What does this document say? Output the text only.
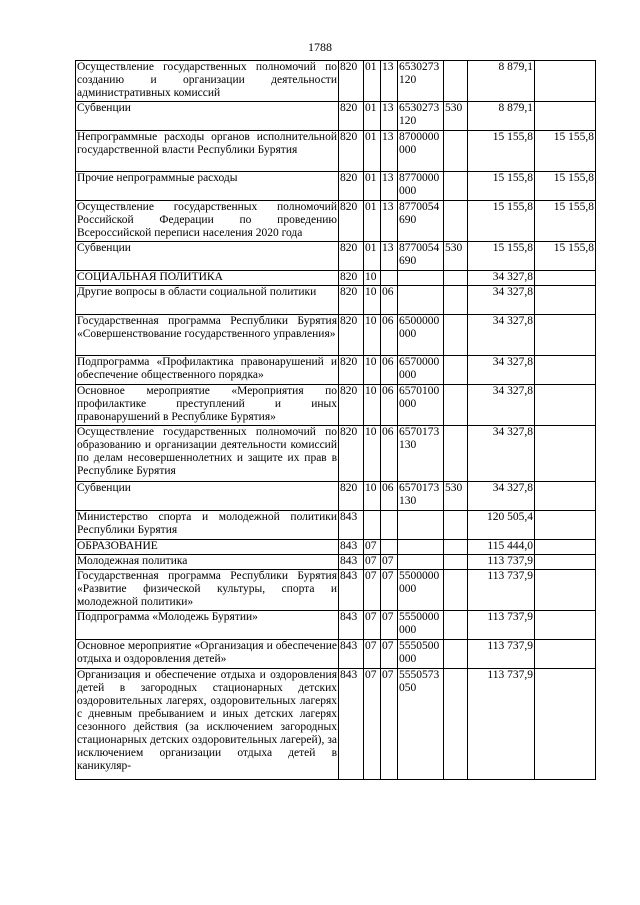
1788
Осуществление государственных полномочий по созданию и организации деятельности административных комиссий	820	01	13	6530273120		8 879,1	
Субвенции	820	01	13	6530273120	530	8 879,1	
Непрограммные расходы органов исполнительной государственной власти Республики Бурятия	820	01	13	8700000000		15 155,8	15 155,8
Прочие непрограммные расходы	820	01	13	8770000000		15 155,8	15 155,8
Осуществление государственных полномочий Российской Федерации по проведению Всероссийской переписи населения 2020 года	820	01	13	8770054690		15 155,8	15 155,8
Субвенции	820	01	13	8770054690	530	15 155,8	15 155,8
СОЦИАЛЬНАЯ ПОЛИТИКА	820	10				34 327,8	
Другие вопросы в области социальной политики	820	10	06			34 327,8	
Государственная программа Республики Бурятия «Совершенствование государственного управления»	820	10	06	6500000000		34 327,8	
Подпрограмма «Профилактика правонарушений и обеспечение общественного порядка»	820	10	06	6570000000		34 327,8	
Основное мероприятие «Мероприятия по профилактике преступлений и иных правонарушений в Республике Бурятия»	820	10	06	6570100000		34 327,8	
Осуществление государственных полномочий по образованию и организации деятельности комиссий по делам несовершеннолетних и защите их прав в Республике Бурятия	820	10	06	6570173130		34 327,8	
Субвенции	820	10	06	6570173130	530	34 327,8	
Министерство спорта и молодежной политики Республики Бурятия	843					120 505,4	
ОБРАЗОВАНИЕ	843	07				115 444,0	
Молодежная политика	843	07	07			113 737,9	
Государственная программа Республики Бурятия «Развитие физической культуры, спорта и молодежной политики»	843	07	07	5500000000		113 737,9	
Подпрограмма «Молодежь Бурятии»	843	07	07	5550000000		113 737,9	
Основное мероприятие «Организация и обеспечение отдыха и оздоровления детей»	843	07	07	5550500000		113 737,9	
Организация и обеспечение отдыха и оздоровления детей в загородных стационарных детских оздоровительных лагерях, оздоровительных лагерях с дневным пребыванием и иных детских лагерях сезонного действия (за исключением загородных стационарных детских оздоровительных лагерей), за исключением организации отдыха детей в каникуляр-	843	07	07	5550573050		113 737,9	
